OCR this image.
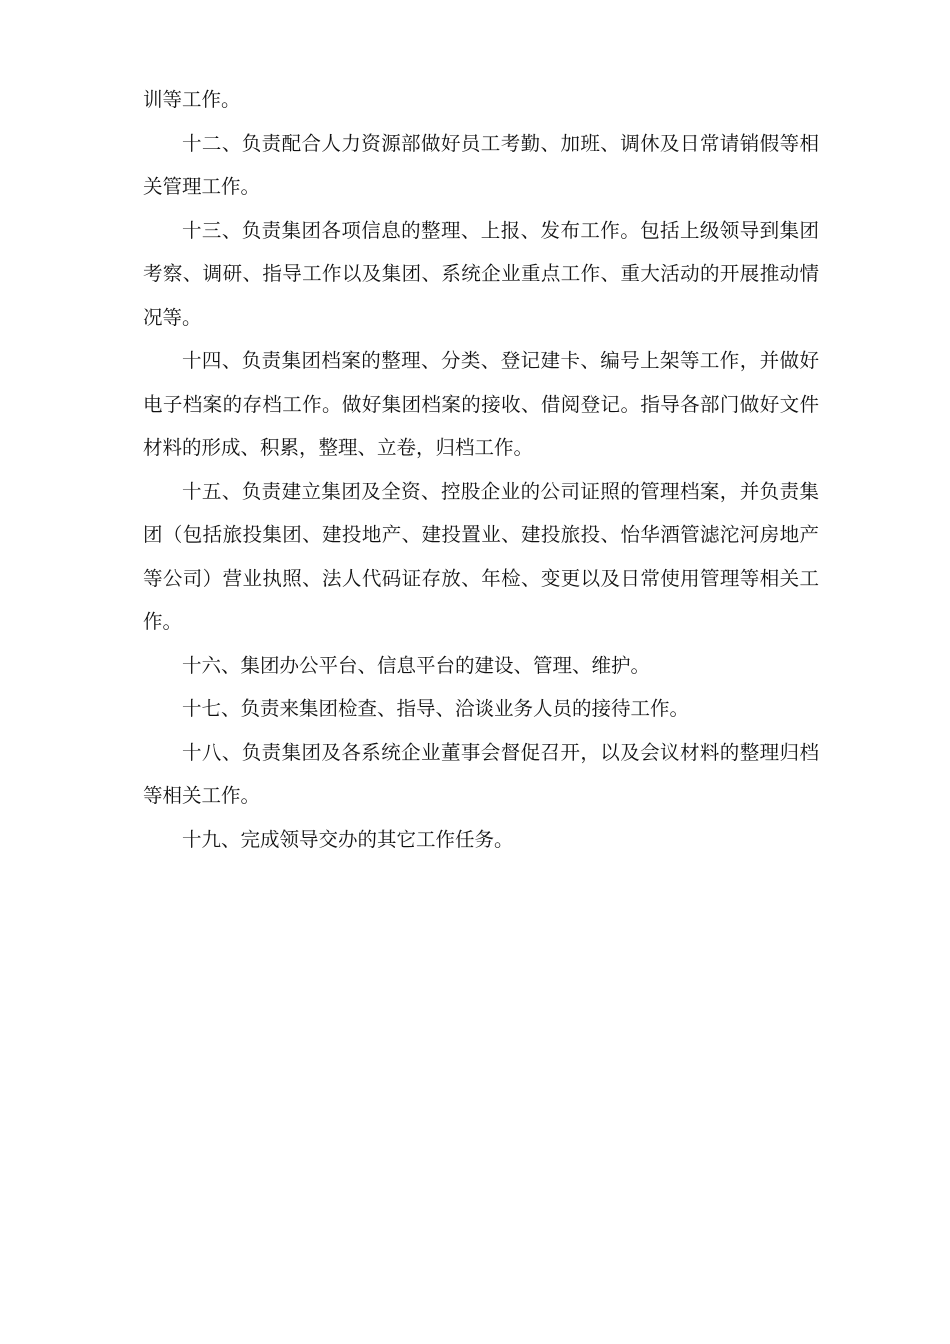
训等工作。

十二、负责配合人力资源部做好员工考勤、加班、调休及日常请销假等相关管理工作。

十三、负责集团各项信息的整理、上报、发布工作。包括上级领导到集团考察、调研、指导工作以及集团、系统企业重点工作、重大活动的开展推动情况等。

十四、负责集团档案的整理、分类、登记建卡、编号上架等工作，并做好电子档案的存档工作。做好集团档案的接收、借阅登记。指导各部门做好文件材料的形成、积累，整理、立卷，归档工作。

十五、负责建立集团及全资、控股企业的公司证照的管理档案，并负责集团（包括旅投集团、建投地产、建投置业、建投旅投、怡华酒管滤沱河房地产等公司）营业执照、法人代码证存放、年检、变更以及日常使用管理等相关工作。

十六、集团办公平台、信息平台的建设、管理、维护。

十七、负责来集团检查、指导、洽谈业务人员的接待工作。

十八、负责集团及各系统企业董事会督促召开，以及会议材料的整理归档等相关工作。

十九、完成领导交办的其它工作任务。
